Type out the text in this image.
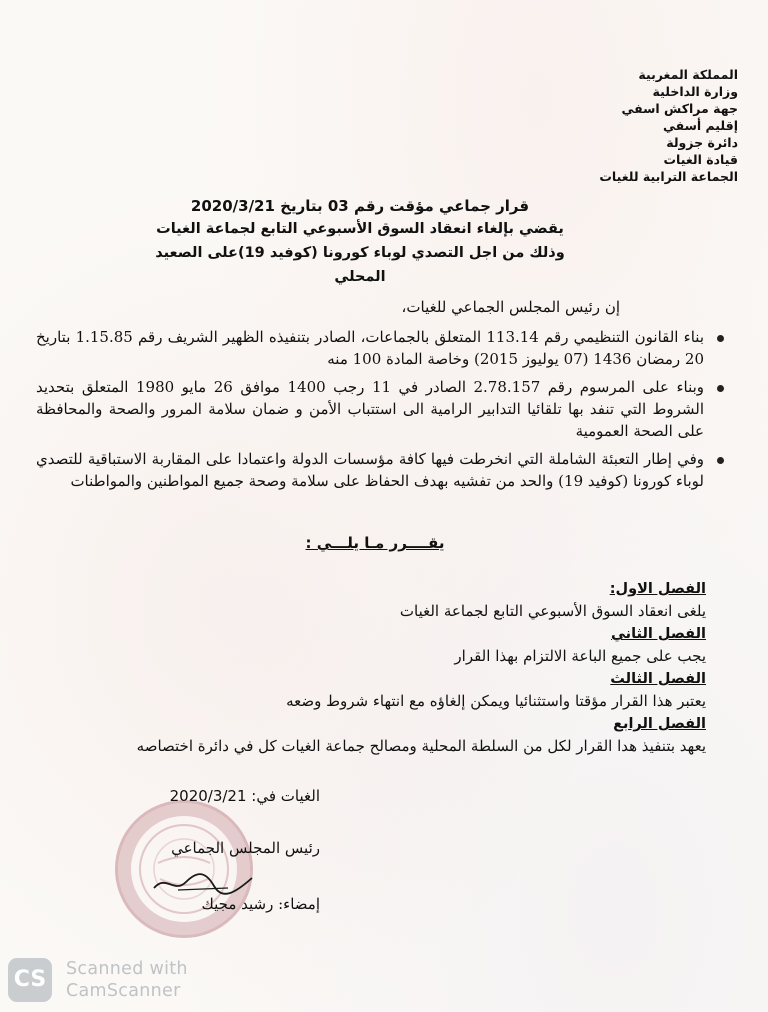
المملكة المغربية
وزارة الداخلية
جهة مراكش اسفي
إقليم أسفي
دائرة جزولة
قيادة الغيات
الجماعة الترابية للغيات
قرار جماعي مؤقت رقم 03 بتاريخ 2020/3/21
يقضي بإلغاء انعقاد السوق الأسبوعي التابع لجماعة الغيات
وذلك من اجل التصدي لوباء كورونا (كوفيد 19)على الصعيد المحلي
إن رئيس المجلس الجماعي للغيات،
بناء القانون التنظيمي رقم 113.14 المتعلق بالجماعات، الصادر بتنفيذه الظهير الشريف رقم 1.15.85 بتاريخ 20 رمضان 1436 (07 يوليوز 2015) وخاصة المادة 100 منه
وبناء على المرسوم رقم 2.78.157 الصادر في 11 رجب 1400 موافق 26 مايو 1980 المتعلق بتحديد الشروط التي تنفد بها تلقائيا التدابير الرامية الى استتباب الأمن و ضمان سلامة المرور والصحة والمحافظة على الصحة العمومية
وفي إطار التعبئة الشاملة التي انخرطت فيها كافة مؤسسات الدولة واعتمادا على المقاربة الاستباقية للتصدي لوباء كورونا (كوفيد 19) والحد من تفشيه بهدف الحفاظ على سلامة وصحة جميع المواطنين والمواطنات
يقــــرر مـا يلـــي :
الفصل الاول:
يلغى انعقاد السوق الأسبوعي التابع لجماعة الغيات
الفصل الثاني
يجب على جميع الباعة الالتزام بهذا القرار
الفصل الثالث
يعتبر هذا القرار مؤقتا واستثنائيا ويمكن إلغاؤه مع انتهاء شروط وضعه
الفصل الرابع
يعهد بتنفيذ هدا القرار لكل من السلطة المحلية ومصالح جماعة الغيات كل في دائرة اختصاصه
الغيات في: 2020/3/21
رئيس المجلس الجماعي
إمضاء: رشيد مجيك
CS	Scanned with
CamScanner
